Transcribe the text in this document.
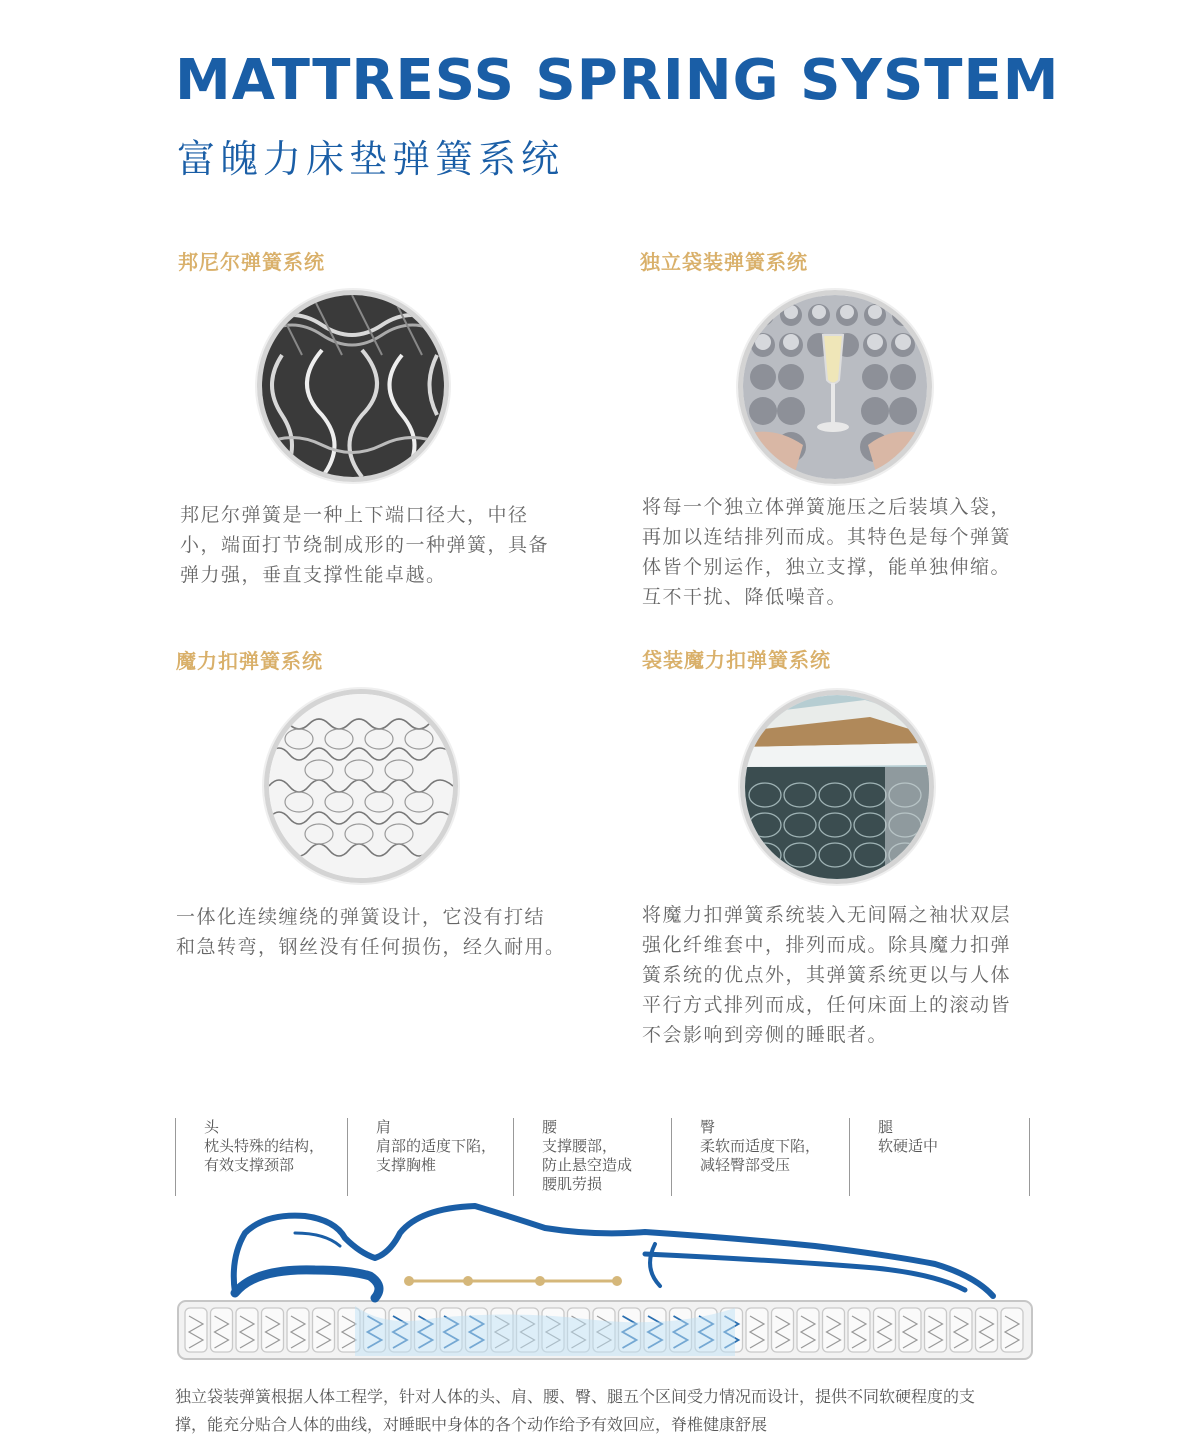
MATTRESS SPRING SYSTEM
富魄力床垫弹簧系统
邦尼尔弹簧系统

邦尼尔弹簧是一种上下端口径大，中径

小，端面打节绕制成形的一种弹簧，具备

弹力强，垂直支撑性能卓越。

独立袋装弹簧系统

将每一个独立体弹簧施压之后装填入袋，

再加以连结排列而成。其特色是每个弹簧

体皆个别运作，独立支撑，能单独伸缩。

互不干扰、降低噪音。

魔力扣弹簧系统

一体化连续缠绕的弹簧设计，它没有打结

和急转弯，钢丝没有任何损伤，经久耐用。

袋装魔力扣弹簧系统

将魔力扣弹簧系统装入无间隔之袖状双层

强化纤维套中，排列而成。除具魔力扣弹

簧系统的优点外，其弹簧系统更以与人体

平行方式排列而成，任何床面上的滚动皆

不会影响到旁侧的睡眠者。

头
枕头特殊的结构，
有效支撑颈部
肩
肩部的适度下陷，
支撑胸椎
腰
支撑腰部，
防止悬空造成
腰肌劳损
臀
柔软而适度下陷，
减轻臀部受压
腿
软硬适中
独立袋装弹簧根据人体工程学，针对人体的头、肩、腰、臀、腿五个区间受力情况而设计，提供不同软硬程度的支
撑，能充分贴合人体的曲线，对睡眠中身体的各个动作给予有效回应，脊椎健康舒展
